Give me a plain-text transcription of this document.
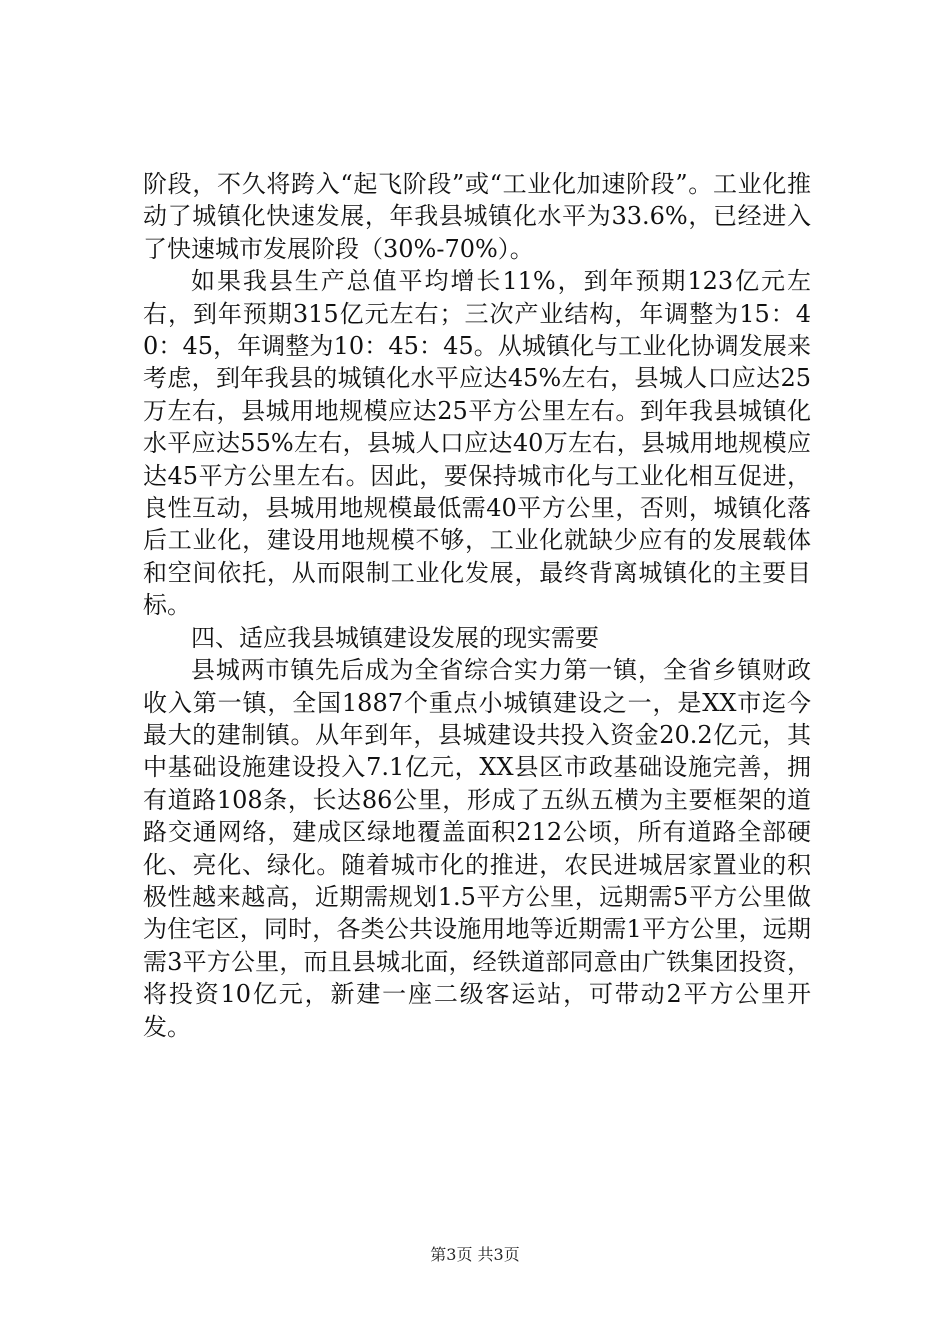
阶段，不久将跨入“起飞阶段”或“工业化加速阶段”。工业化推动了城镇化快速发展，年我县城镇化水平为33.6%，已经进入了快速城市发展阶段（30%-70%）。

如果我县生产总值平均增长11%，到年预期123亿元左右，到年预期315亿元左右；三次产业结构，年调整为15：40：45，年调整为10：45：45。从城镇化与工业化协调发展来考虑，到年我县的城镇化水平应达45%左右，县城人口应达25万左右，县城用地规模应达25平方公里左右。到年我县城镇化水平应达55%左右，县城人口应达40万左右，县城用地规模应达45平方公里左右。因此，要保持城市化与工业化相互促进，良性互动，县城用地规模最低需40平方公里，否则，城镇化落后工业化，建设用地规模不够，工业化就缺少应有的发展载体和空间依托，从而限制工业化发展，最终背离城镇化的主要目标。

四、适应我县城镇建设发展的现实需要

县城两市镇先后成为全省综合实力第一镇，全省乡镇财政收入第一镇，全国1887个重点小城镇建设之一，是XX市迄今最大的建制镇。从年到年，县城建设共投入资金20.2亿元，其中基础设施建设投入7.1亿元，XX县区市政基础设施完善，拥有道路108条，长达86公里，形成了五纵五横为主要框架的道路交通网络，建成区绿地覆盖面积212公顷，所有道路全部硬化、亮化、绿化。随着城市化的推进，农民进城居家置业的积极性越来越高，近期需规划1.5平方公里，远期需5平方公里做为住宅区，同时，各类公共设施用地等近期需1平方公里，远期需3平方公里，而且县城北面，经铁道部同意由广铁集团投资，将投资10亿元，新建一座二级客运站，可带动2平方公里开发。

第3页 共3页
